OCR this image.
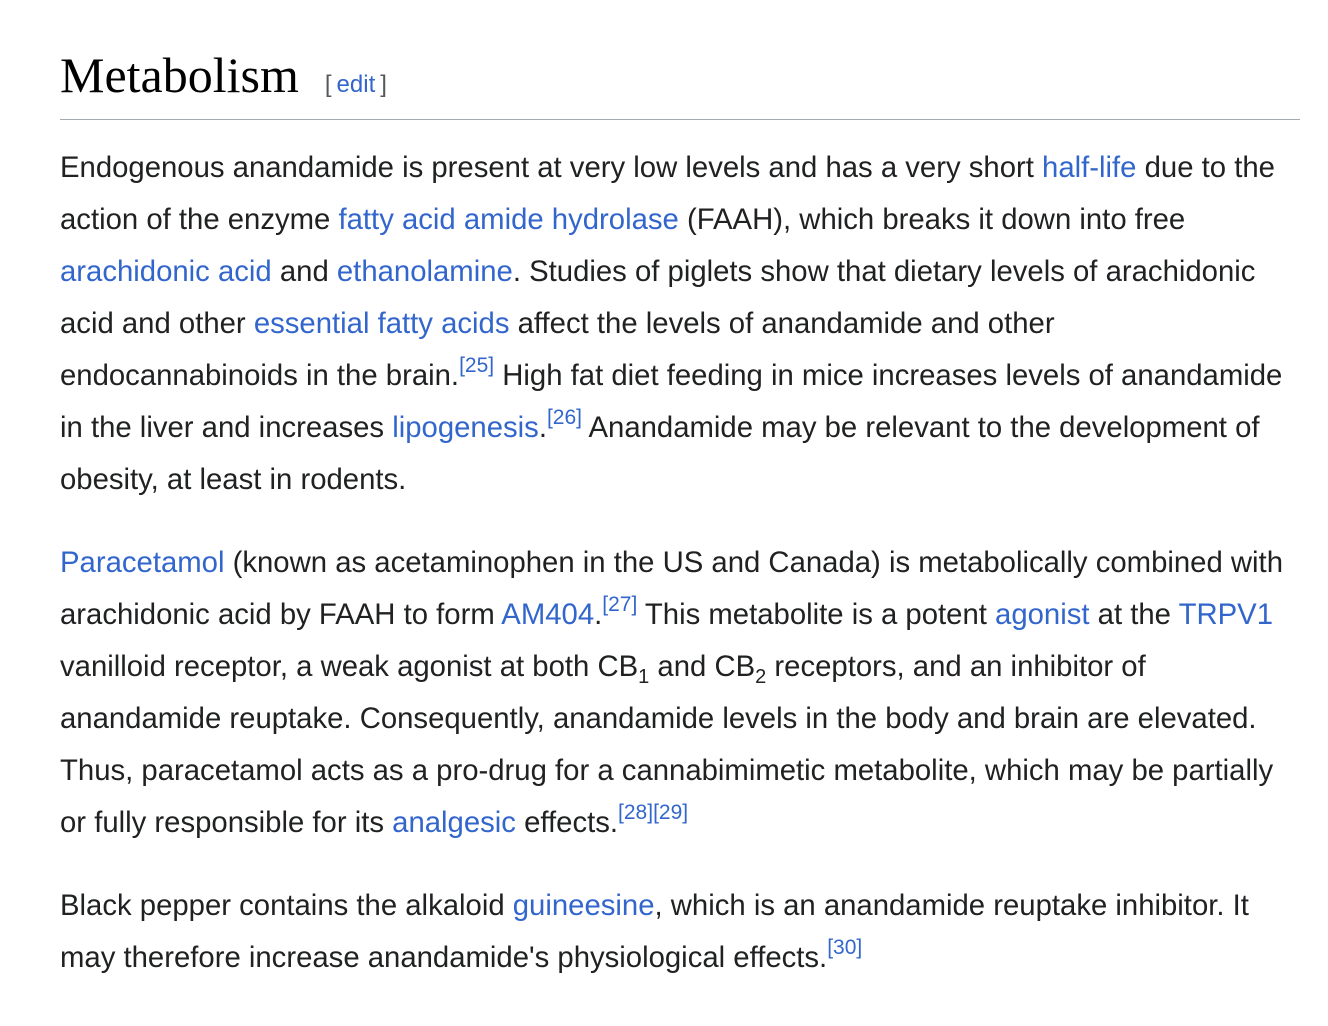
Metabolism [ edit ]

Endogenous anandamide is present at very low levels and has a very short half-life due to the action of the enzyme fatty acid amide hydrolase (FAAH), which breaks it down into free arachidonic acid and ethanolamine. Studies of piglets show that dietary levels of arachidonic acid and other essential fatty acids affect the levels of anandamide and other endocannabinoids in the brain.[25] High fat diet feeding in mice increases levels of anandamide in the liver and increases lipogenesis.[26] Anandamide may be relevant to the development of obesity, at least in rodents.

Paracetamol (known as acetaminophen in the US and Canada) is metabolically combined with arachidonic acid by FAAH to form AM404.[27] This metabolite is a potent agonist at the TRPV1 vanilloid receptor, a weak agonist at both $CB_1$ and $CB_2$ receptors, and an inhibitor of anandamide reuptake. Consequently, anandamide levels in the body and brain are elevated. Thus, paracetamol acts as a pro-drug for a cannabimimetic metabolite, which may be partially or fully responsible for its analgesic effects.[28][29]

Black pepper contains the alkaloid guineesine, which is an anandamide reuptake inhibitor. It may therefore increase anandamide's physiological effects.[30]
